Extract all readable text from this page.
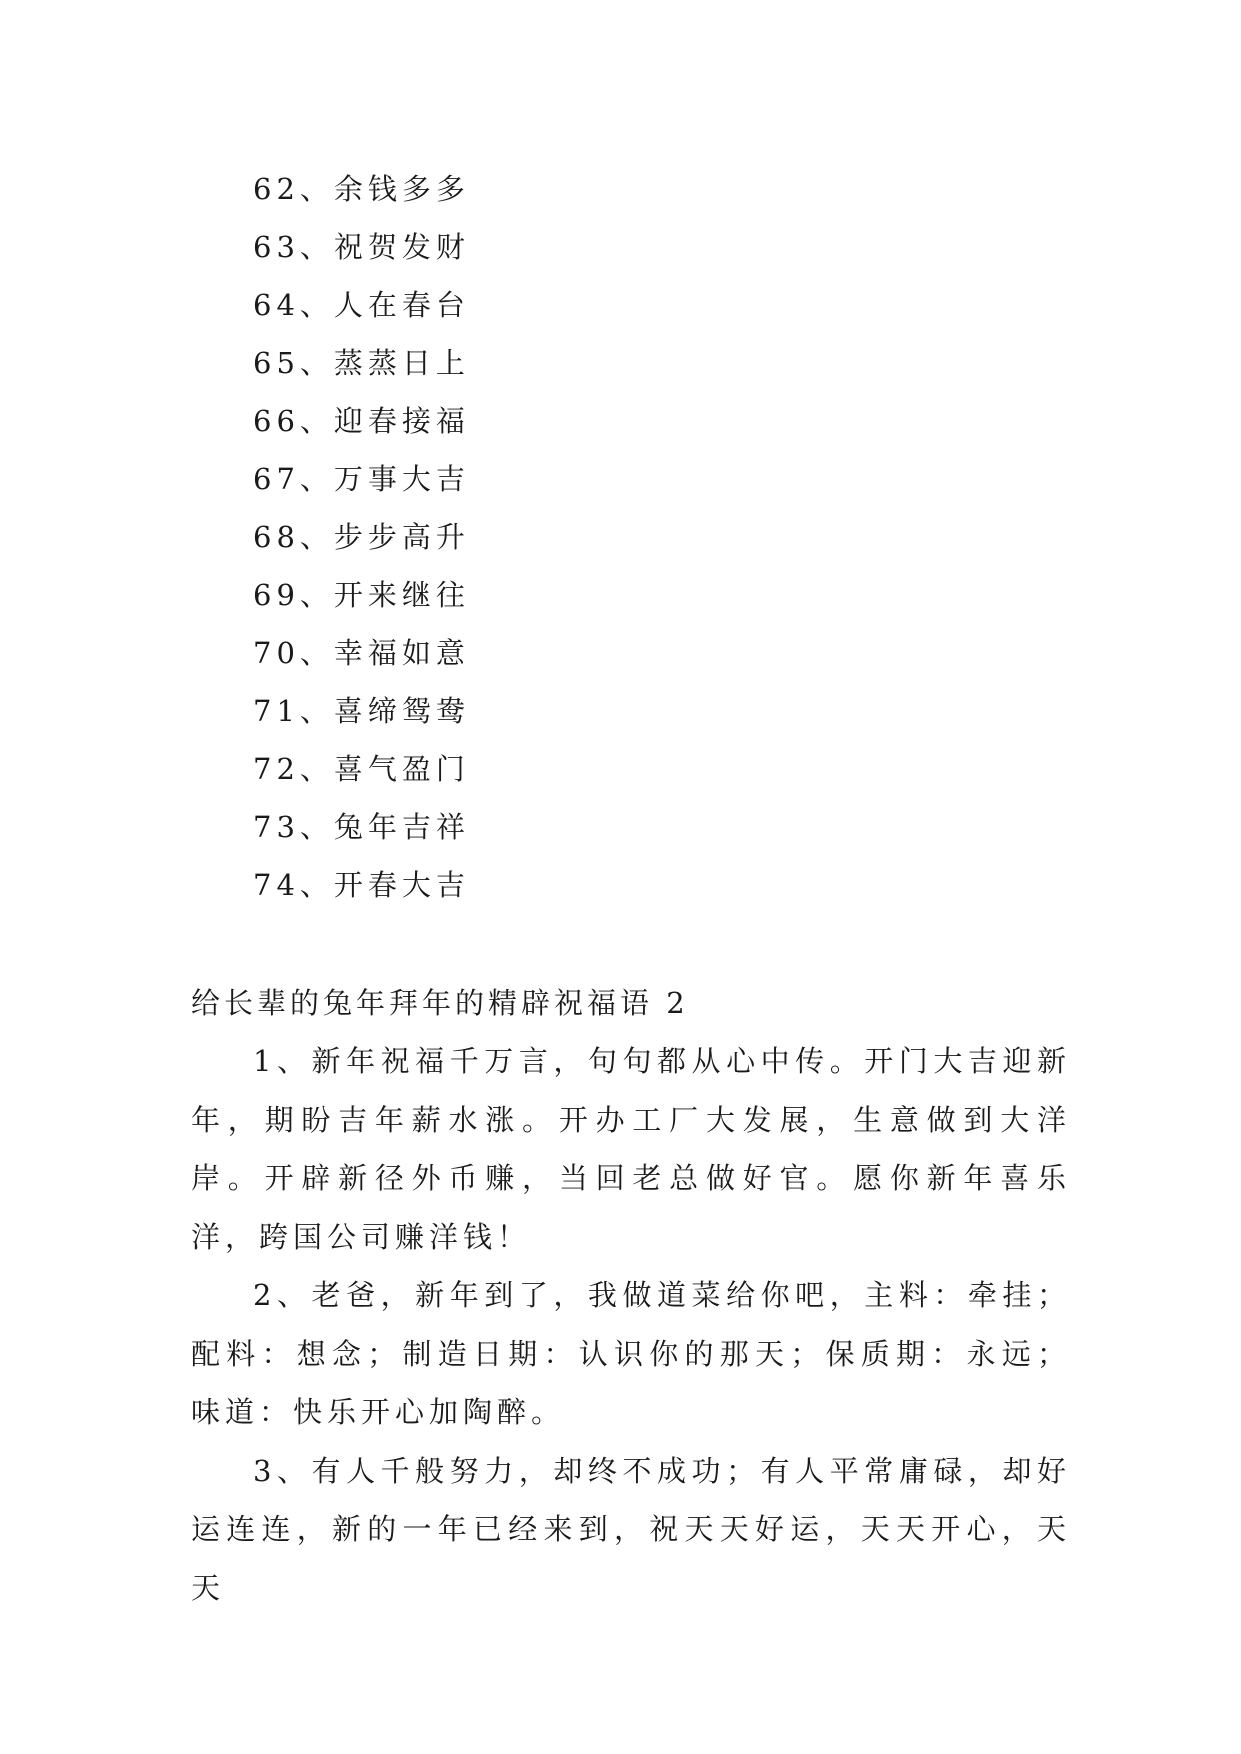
62、余钱多多
63、祝贺发财
64、人在春台
65、蒸蒸日上
66、迎春接福
67、万事大吉
68、步步高升
69、开来继往
70、幸福如意
71、喜缔鸳鸯
72、喜气盈门
73、兔年吉祥
74、开春大吉
给长辈的兔年拜年的精辟祝福语 2

1、新年祝福千万言，句句都从心中传。开门大吉迎新年，期盼吉年薪水涨。开办工厂大发展，生意做到大洋岸。开辟新径外币赚，当回老总做好官。愿你新年喜乐洋，跨国公司赚洋钱！

2、老爸，新年到了，我做道菜给你吧，主料：牵挂；配料：想念；制造日期：认识你的那天；保质期：永远；味道：快乐开心加陶醉。

3、有人千般努力，却终不成功；有人平常庸碌，却好运连连，新的一年已经来到，祝天天好运，天天开心，天天
